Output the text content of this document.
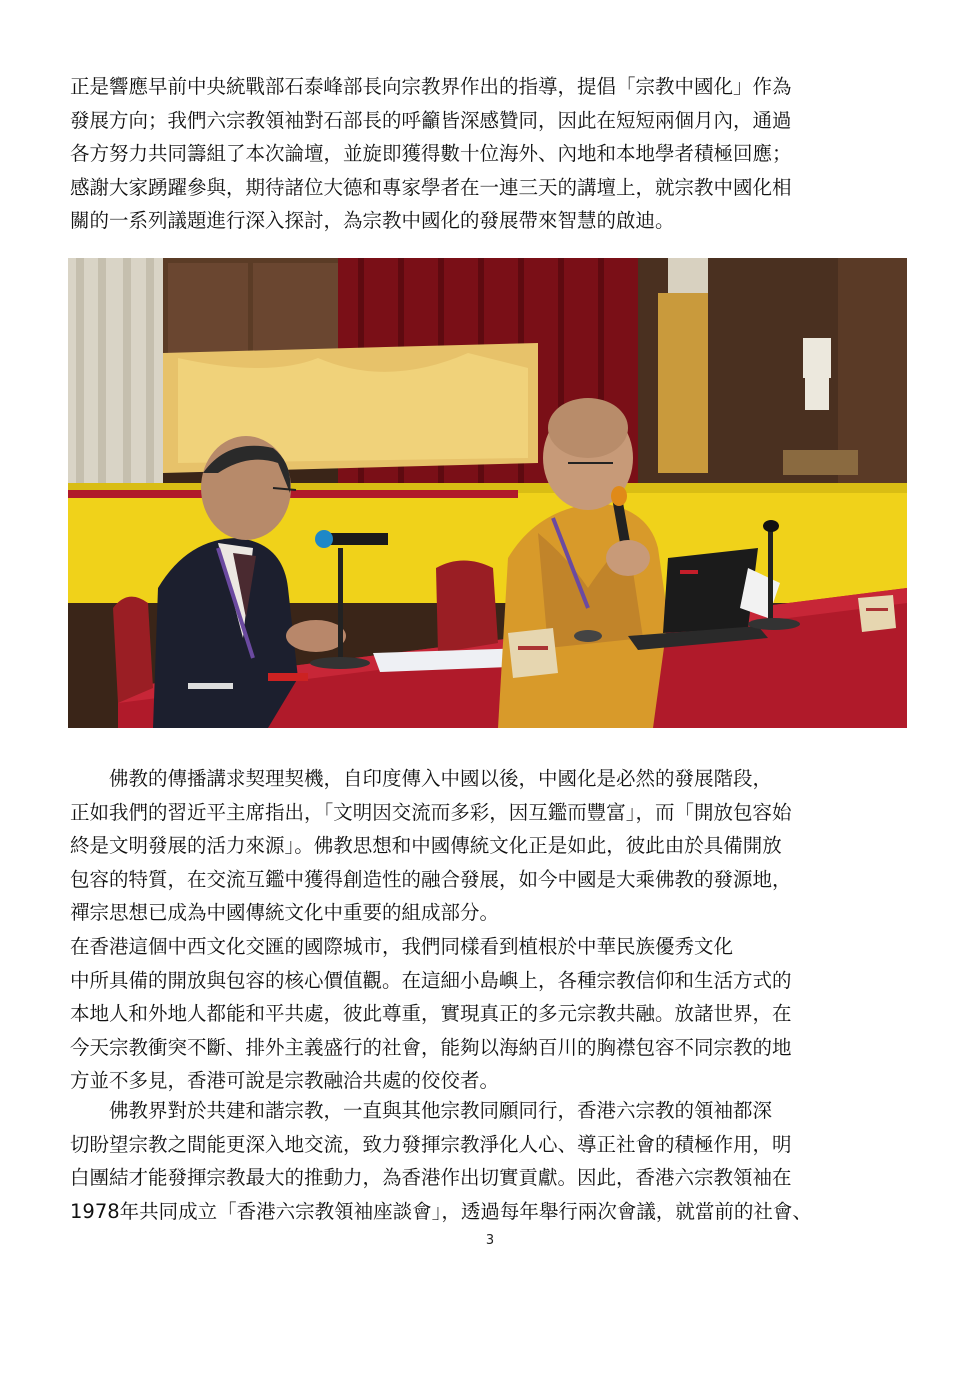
正是響應早前中央統戰部石泰峰部長向宗教界作出的指導，提倡「宗教中國化」作為
發展方向；我們六宗教領袖對石部長的呼籲皆深感贊同，因此在短短兩個月內，通過
各方努力共同籌組了本次論壇，並旋即獲得數十位海外、內地和本地學者積極回應；
感謝大家踴躍參與，期待諸位大德和專家學者在一連三天的講壇上，就宗教中國化相
關的一系列議題進行深入探討，為宗教中國化的發展帶來智慧的啟迪。
　　佛教的傳播講求契理契機，自印度傳入中國以後，中國化是必然的發展階段，
正如我們的習近平主席指出，「文明因交流而多彩，因互鑑而豐富」，而「開放包容始
終是文明發展的活力來源」。佛教思想和中國傳統文化正是如此，彼此由於具備開放
包容的特質，在交流互鑑中獲得創造性的融合發展，如今中國是大乘佛教的發源地，
禪宗思想已成為中國傳統文化中重要的組成部分。
在香港這個中西文化交匯的國際城市，我們同樣看到植根於中華民族優秀文化
中所具備的開放與包容的核心價值觀。在這細小島嶼上，各種宗教信仰和生活方式的
本地人和外地人都能和平共處，彼此尊重，實現真正的多元宗教共融。放諸世界，在
今天宗教衝突不斷、排外主義盛行的社會，能夠以海納百川的胸襟包容不同宗教的地
方並不多見，香港可說是宗教融洽共處的佼佼者。
　　佛教界對於共建和諧宗教，一直與其他宗教同願同行，香港六宗教的領袖都深
切盼望宗教之間能更深入地交流，致力發揮宗教淨化人心、導正社會的積極作用，明
白團結才能發揮宗教最大的推動力，為香港作出切實貢獻。因此，香港六宗教領袖在
1978年共同成立「香港六宗教領袖座談會」，透過每年舉行兩次會議，就當前的社會、
3
